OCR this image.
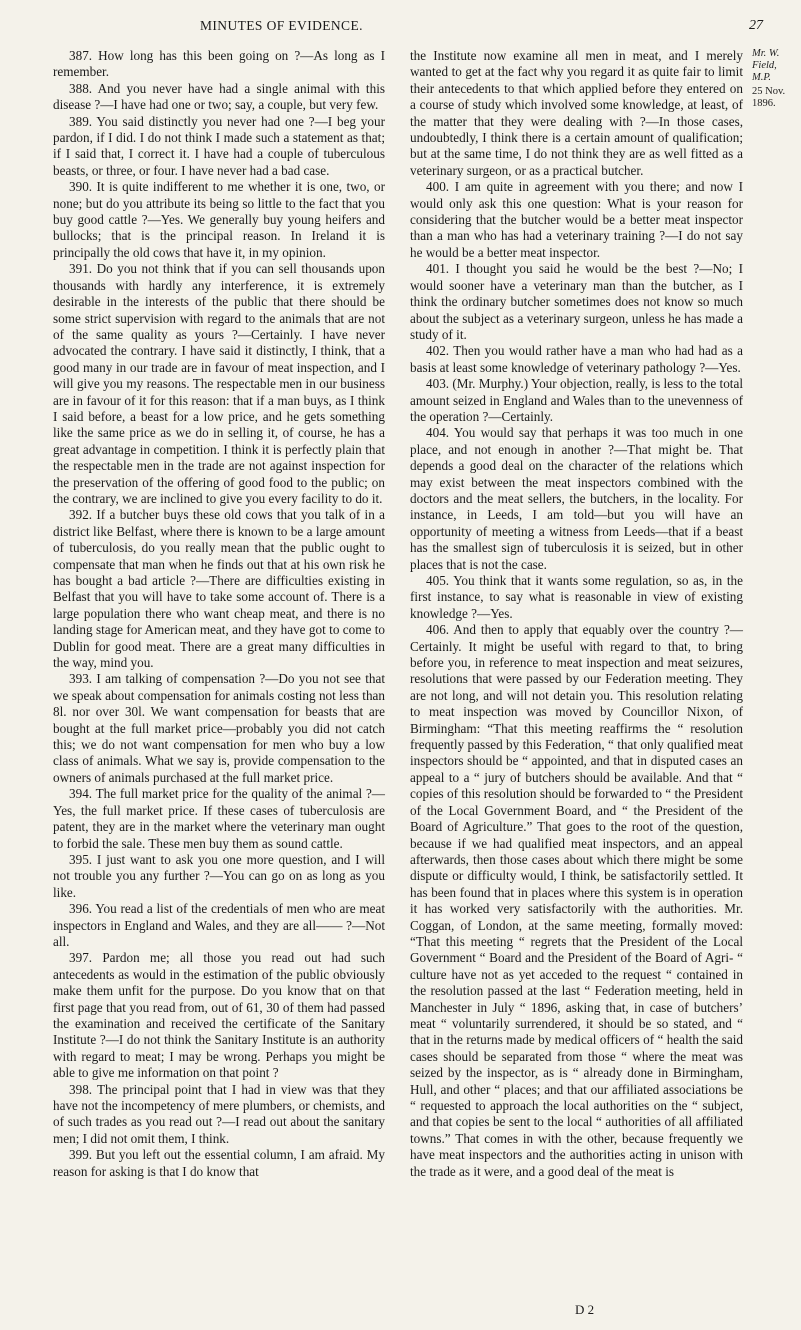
MINUTES OF EVIDENCE.	27
Mr. W. Field, M.P.
25 Nov. 1896.

387. How long has this been going on ?—As long as I remember.

388. And you never have had a single animal with this disease ?—I have had one or two; say, a couple, but very few.

389. You said distinctly you never had one ?—I beg your pardon, if I did. I do not think I made such a statement as that; if I said that, I correct it. I have had a couple of tuberculous beasts, or three, or four. I have never had a bad case.

390. It is quite indifferent to me whether it is one, two, or none; but do you attribute its being so little to the fact that you buy good cattle ?—Yes. We generally buy young heifers and bullocks; that is the principal reason. In Ireland it is principally the old cows that have it, in my opinion.

391. Do you not think that if you can sell thousands upon thousands with hardly any interference, it is extremely desirable in the interests of the public that there should be some strict supervision with regard to the animals that are not of the same quality as yours ?—Certainly. I have never advocated the contrary. I have said it distinctly, I think, that a good many in our trade are in favour of meat inspection, and I will give you my reasons. The respectable men in our business are in favour of it for this reason: that if a man buys, as I think I said before, a beast for a low price, and he gets something like the same price as we do in selling it, of course, he has a great advantage in competition. I think it is perfectly plain that the respectable men in the trade are not against inspection for the preservation of the offering of good food to the public; on the contrary, we are inclined to give you every facility to do it.

392. If a butcher buys these old cows that you talk of in a district like Belfast, where there is known to be a large amount of tuberculosis, do you really mean that the public ought to compensate that man when he finds out that at his own risk he has bought a bad article ?—There are difficulties existing in Belfast that you will have to take some account of. There is a large population there who want cheap meat, and there is no landing stage for American meat, and they have got to come to Dublin for good meat. There are a great many difficulties in the way, mind you.

393. I am talking of compensation ?—Do you not see that we speak about compensation for animals costing not less than 8l. nor over 30l. We want compensation for beasts that are bought at the full market price—probably you did not catch this; we do not want compensation for men who buy a low class of animals. What we say is, provide compensation to the owners of animals purchased at the full market price.

394. The full market price for the quality of the animal ?—Yes, the full market price. If these cases of tuberculosis are patent, they are in the market where the veterinary man ought to forbid the sale. These men buy them as sound cattle.

395. I just want to ask you one more question, and I will not trouble you any further ?—You can go on as long as you like.

396. You read a list of the credentials of men who are meat inspectors in England and Wales, and they are all—— ?—Not all.

397. Pardon me; all those you read out had such antecedents as would in the estimation of the public obviously make them unfit for the purpose. Do you know that on that first page that you read from, out of 61, 30 of them had passed the examination and received the certificate of the Sanitary Institute ?—I do not think the Sanitary Institute is an authority with regard to meat; I may be wrong. Perhaps you might be able to give me information on that point ?

398. The principal point that I had in view was that they have not the incompetency of mere plumbers, or chemists, and of such trades as you read out ?—I read out about the sanitary men; I did not omit them, I think.

399. But you left out the essential column, I am afraid. My reason for asking is that I do know that

the Institute now examine all men in meat, and I merely wanted to get at the fact why you regard it as quite fair to limit their antecedents to that which applied before they entered on a course of study which involved some knowledge, at least, of the matter that they were dealing with ?—In those cases, undoubtedly, I think there is a certain amount of qualification; but at the same time, I do not think they are as well fitted as a veterinary surgeon, or as a practical butcher.

400. I am quite in agreement with you there; and now I would only ask this one question: What is your reason for considering that the butcher would be a better meat inspector than a man who has had a veterinary training ?—I do not say he would be a better meat inspector.

401. I thought you said he would be the best ?—No; I would sooner have a veterinary man than the butcher, as I think the ordinary butcher sometimes does not know so much about the subject as a veterinary surgeon, unless he has made a study of it.

402. Then you would rather have a man who had had as a basis at least some knowledge of veterinary pathology ?—Yes.

403. (Mr. Murphy.) Your objection, really, is less to the total amount seized in England and Wales than to the unevenness of the operation ?—Certainly.

404. You would say that perhaps it was too much in one place, and not enough in another ?—That might be. That depends a good deal on the character of the relations which may exist between the meat inspectors combined with the doctors and the meat sellers, the butchers, in the locality. For instance, in Leeds, I am told—but you will have an opportunity of meeting a witness from Leeds—that if a beast has the smallest sign of tuberculosis it is seized, but in other places that is not the case.

405. You think that it wants some regulation, so as, in the first instance, to say what is reasonable in view of existing knowledge ?—Yes.

406. And then to apply that equably over the country ?—Certainly. It might be useful with regard to that, to bring before you, in reference to meat inspection and meat seizures, resolutions that were passed by our Federation meeting. They are not long, and will not detain you. This resolution relating to meat inspection was moved by Councillor Nixon, of Birmingham: “That this meeting reaffirms the “ resolution frequently passed by this Federation, “ that only qualified meat inspectors should be “ appointed, and that in disputed cases an appeal to a “ jury of butchers should be available. And that “ copies of this resolution should be forwarded to “ the President of the Local Government Board, and “ the President of the Board of Agriculture.” That goes to the root of the question, because if we had qualified meat inspectors, and an appeal afterwards, then those cases about which there might be some dispute or difficulty would, I think, be satisfactorily settled. It has been found that in places where this system is in operation it has worked very satisfactorily with the authorities. Mr. Coggan, of London, at the same meeting, formally moved: “That this meeting “ regrets that the President of the Local Government “ Board and the President of the Board of Agri- “ culture have not as yet acceded to the request “ contained in the resolution passed at the last “ Federation meeting, held in Manchester in July “ 1896, asking that, in case of butchers’ meat “ voluntarily surrendered, it should be so stated, and “ that in the returns made by medical officers of “ health the said cases should be separated from those “ where the meat was seized by the inspector, as is “ already done in Birmingham, Hull, and other “ places; and that our affiliated associations be “ requested to approach the local authorities on the “ subject, and that copies be sent to the local “ authorities of all affiliated towns.” That comes in with the other, because frequently we have meat inspectors and the authorities acting in unison with the trade as it were, and a good deal of the meat is

D 2
